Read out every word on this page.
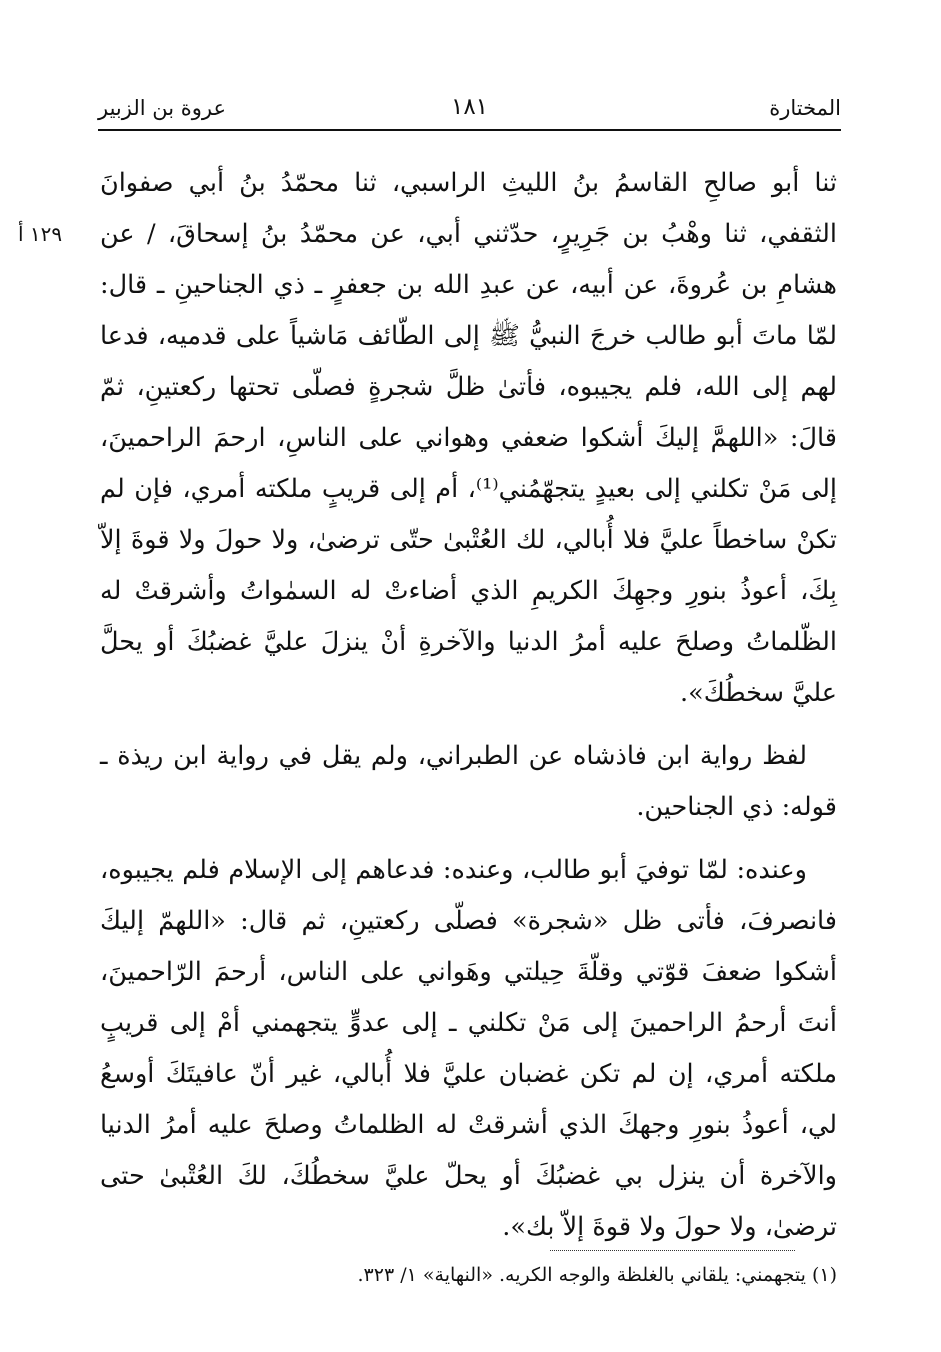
المختارة
١٨١
عروة بن الزبير
١٢٩ أ

ثنا أبو صالحِ القاسمُ بنُ الليثِ الراسبي، ثنا محمّدُ بنُ أبي صفوانَ الثقفي، ثنا وهْبُ بن جَرِيرٍ، حدّثني أبي، عن محمّدُ بنُ إسحاقَ، / عن هشامِ بن عُروةَ، عن أبيه، عن عبدِ الله بن جعفرٍ ـ ذي الجناحينِ ـ قال: لمّا ماتَ أبو طالب خرجَ النبيُّ ﷺ إلى الطّائف مَاشياً على قدميه، فدعا لهم إلى الله، فلم يجيبوه، فأتىٰ ظلَّ شجرةٍ فصلّى تحتها ركعتينِ، ثمّ قالَ: «اللهمَّ إليكَ أشكوا ضعفي وهواني على الناسِ، ارحمَ الراحمينَ، إلى مَنْ تكلني إلى بعيدٍ يتجهّمُني⁽¹⁾، أم إلى قريبٍ ملكته أمري، فإن لم تكنْ ساخطاً عليَّ فلا أُبالي، لك العُتْبىٰ حتّى ترضىٰ، ولا حولَ ولا قوةَ إلاّ بِكَ، أعوذُ بنورِ وجهِكَ الكريمِ الذي أضاءتْ له السمٰواتُ وأشرقتْ له الظّلماتُ وصلحَ عليه أمرُ الدنيا والآخرةِ أنْ ينزلَ عليَّ غضبُكَ أو يحلَّ عليَّ سخطُكَ».

لفظ رواية ابن فاذشاه عن الطبراني، ولم يقل في رواية ابن ريذة ـ قوله: ذي الجناحين.

وعنده: لمّا توفيَ أبو طالب، وعنده: فدعاهم إلى الإسلام فلم يجيبوه، فانصرفَ، فأتى ظل «شجرة» فصلّى ركعتينِ، ثم قال: «اللهمّ إليكَ أشكوا ضعفَ قوّتي وقلّةَ حِيلتي وهَواني على الناس، أرحمَ الرّاحمينَ، أنتَ أرحمُ الراحمينَ إلى مَنْ تكلني ـ إلى عدوٍّ يتجهمني أمْ إلى قريبٍ ملكته أمري، إن لم تكن غضبان عليَّ فلا أُبالي، غير أنّ عافيتَكَ أوسعُ لي، أعوذُ بنورِ وجهكَ الذي أشرقتْ له الظلماتُ وصلحَ عليه أمرُ الدنيا والآخرة أن ينزل بي غضبُكَ أو يحلّ عليَّ سخطُكَ، لكَ العُتْبىٰ حتى ترضىٰ، ولا حولَ ولا قوةَ إلاّ بك».

(١) يتجهمني: يلقاني بالغلظة والوجه الكريه. «النهاية» ١/ ٣٢٣.
